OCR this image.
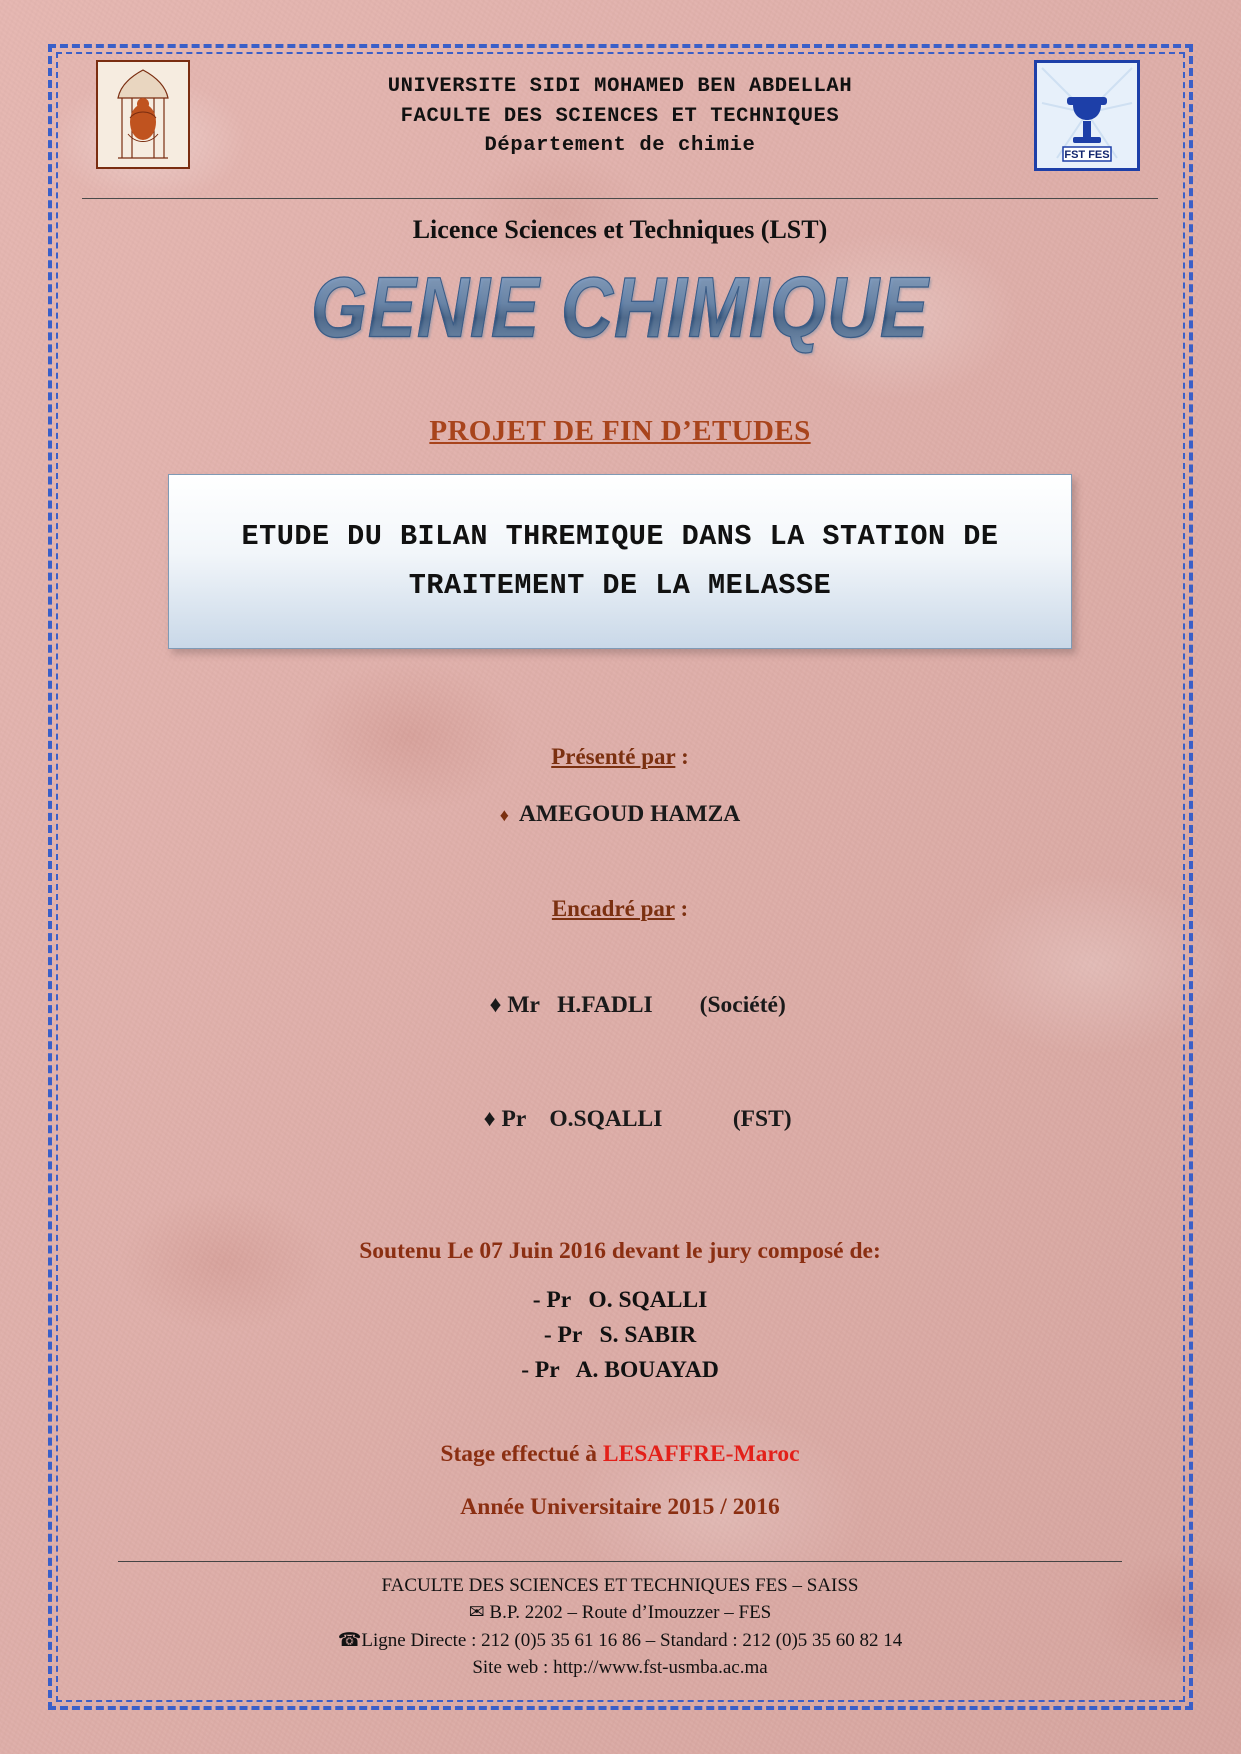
FST FES
UNIVERSITE SIDI MOHAMED BEN ABDELLAH
FACULTE DES SCIENCES ET TECHNIQUES
Département de chimie
Licence Sciences et Techniques (LST)
GENIE CHIMIQUE
PROJET DE FIN D’ETUDES
ETUDE DU BILAN THREMIQUE DANS LA STATION DE TRAITEMENT DE LA MELASSE
Présenté par :
♦ AMEGOUD HAMZA
Encadré par :

♦ Mr   H.FADLI        (Société)

♦ Pr    O.SQALLI            (FST)

Soutenu Le 07 Juin 2016 devant le jury composé de:
- Pr   O. SQALLI
- Pr   S. SABIR
- Pr   A. BOUAYAD
Stage effectué à LESAFFRE-Maroc
Année Universitaire 2015 / 2016
FACULTE DES SCIENCES ET TECHNIQUES FES – SAISS
✉ B.P. 2202 – Route d’Imouzzer – FES
☎Ligne Directe : 212 (0)5 35 61 16 86 – Standard : 212 (0)5 35 60 82 14
Site web : http://www.fst-usmba.ac.ma
